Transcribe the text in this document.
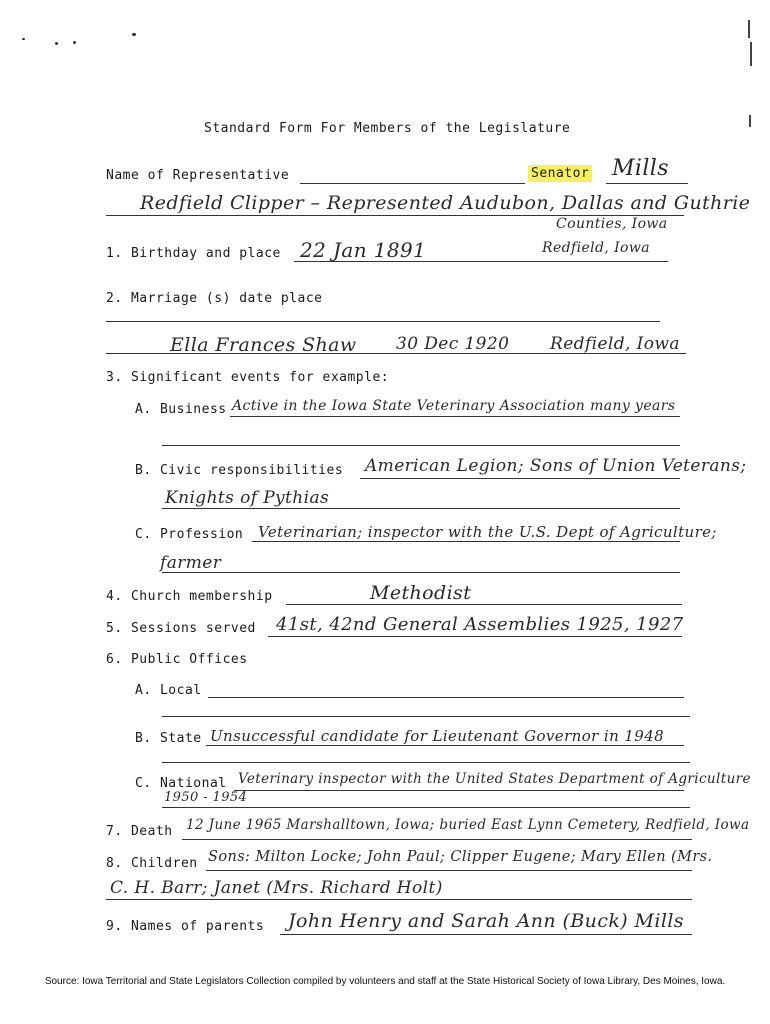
Standard Form For Members of the Legislature
Name of Representative	Senator Mills
Redfield Clipper – Represented Audubon, Dallas and Guthrie
Counties, Iowa
1. Birthday and place 22 Jan 1891	Redfield, Iowa
2. Marriage (s) date place
Ella Frances Shaw 30 Dec 1920 Redfield, Iowa
3. Significant events for example:
A. Business Active in the Iowa State Veterinary Association many years
B. Civic responsibilities American Legion; Sons of Union Veterans;
Knights of Pythias
C. Profession Veterinarian; inspector with the U.S. Dept of Agriculture;
farmer
4. Church membership	Methodist
5. Sessions served 41st, 42nd General Assemblies 1925, 1927
6. Public Offices
A. Local
B. State Unsuccessful candidate for Lieutenant Governor in 1948
C. National Veterinary inspector with the United States Department of Agriculture
1950 - 1954
7. Death 12 June 1965 Marshalltown, Iowa; buried East Lynn Cemetery, Redfield, Iowa
8. Children Sons: Milton Locke; John Paul; Clipper Eugene; Mary Ellen (Mrs.
C. H. Barr; Janet (Mrs. Richard Holt)
9. Names of parents John Henry and Sarah Ann (Buck) Mills
Source: Iowa Territorial and State Legislators Collection compiled by volunteers and staff at the State Historical Society of Iowa Library, Des Moines, Iowa.
